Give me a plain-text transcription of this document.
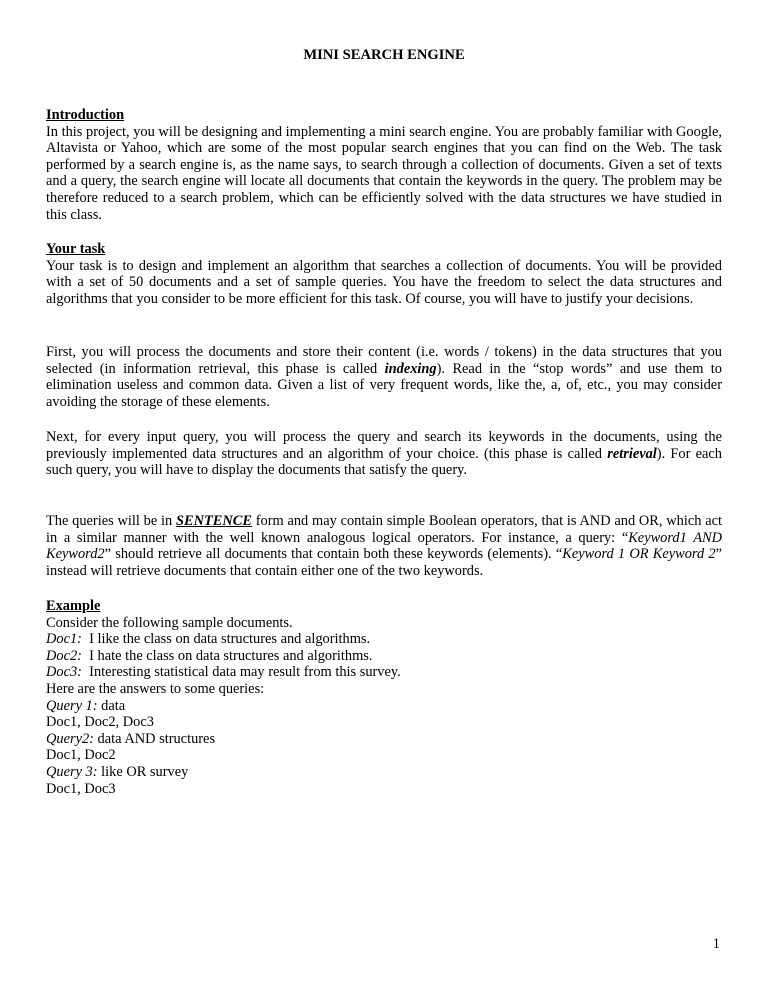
MINI SEARCH ENGINE
Introduction

In this project, you will be designing and implementing a mini search engine. You are probably familiar with Google, Altavista or Yahoo, which are some of the most popular search engines that you can find on the Web. The task performed by a search engine is, as the name says, to search through a collection of documents. Given a set of texts and a query, the search engine will locate all documents that contain the keywords in the query. The problem may be therefore reduced to a search problem, which can be efficiently solved with the data structures we have studied in this class.

Your task

Your task is to design and implement an algorithm that searches a collection of documents. You will be provided with a set of 50 documents and a set of sample queries. You have the freedom to select the data structures and algorithms that you consider to be more efficient for this task. Of course, you will have to justify your decisions.

First, you will process the documents and store their content (i.e. words / tokens) in the data structures that you selected (in information retrieval, this phase is called indexing). Read in the “stop words” and use them to elimination useless and common data. Given a list of very frequent words, like the, a, of, etc., you may consider avoiding the storage of these elements.

Next, for every input query, you will process the query and search its keywords in the documents, using the previously implemented data structures and an algorithm of your choice. (this phase is called retrieval). For each such query, you will have to display the documents that satisfy the query.

The queries will be in SENTENCE form and may contain simple Boolean operators, that is AND and OR, which act in a similar manner with the well known analogous logical operators. For instance, a query: “Keyword1 AND Keyword2” should retrieve all documents that contain both these keywords (elements). “Keyword 1 OR Keyword 2” instead will retrieve documents that contain either one of the two keywords.

Example
Consider the following sample documents.
Doc1:  I like the class on data structures and algorithms.
Doc2:  I hate the class on data structures and algorithms.
Doc3:  Interesting statistical data may result from this survey.
Here are the answers to some queries:
Query 1: data
Doc1, Doc2, Doc3
Query2: data AND structures
Doc1, Doc2
Query 3: like OR survey
Doc1, Doc3
1
